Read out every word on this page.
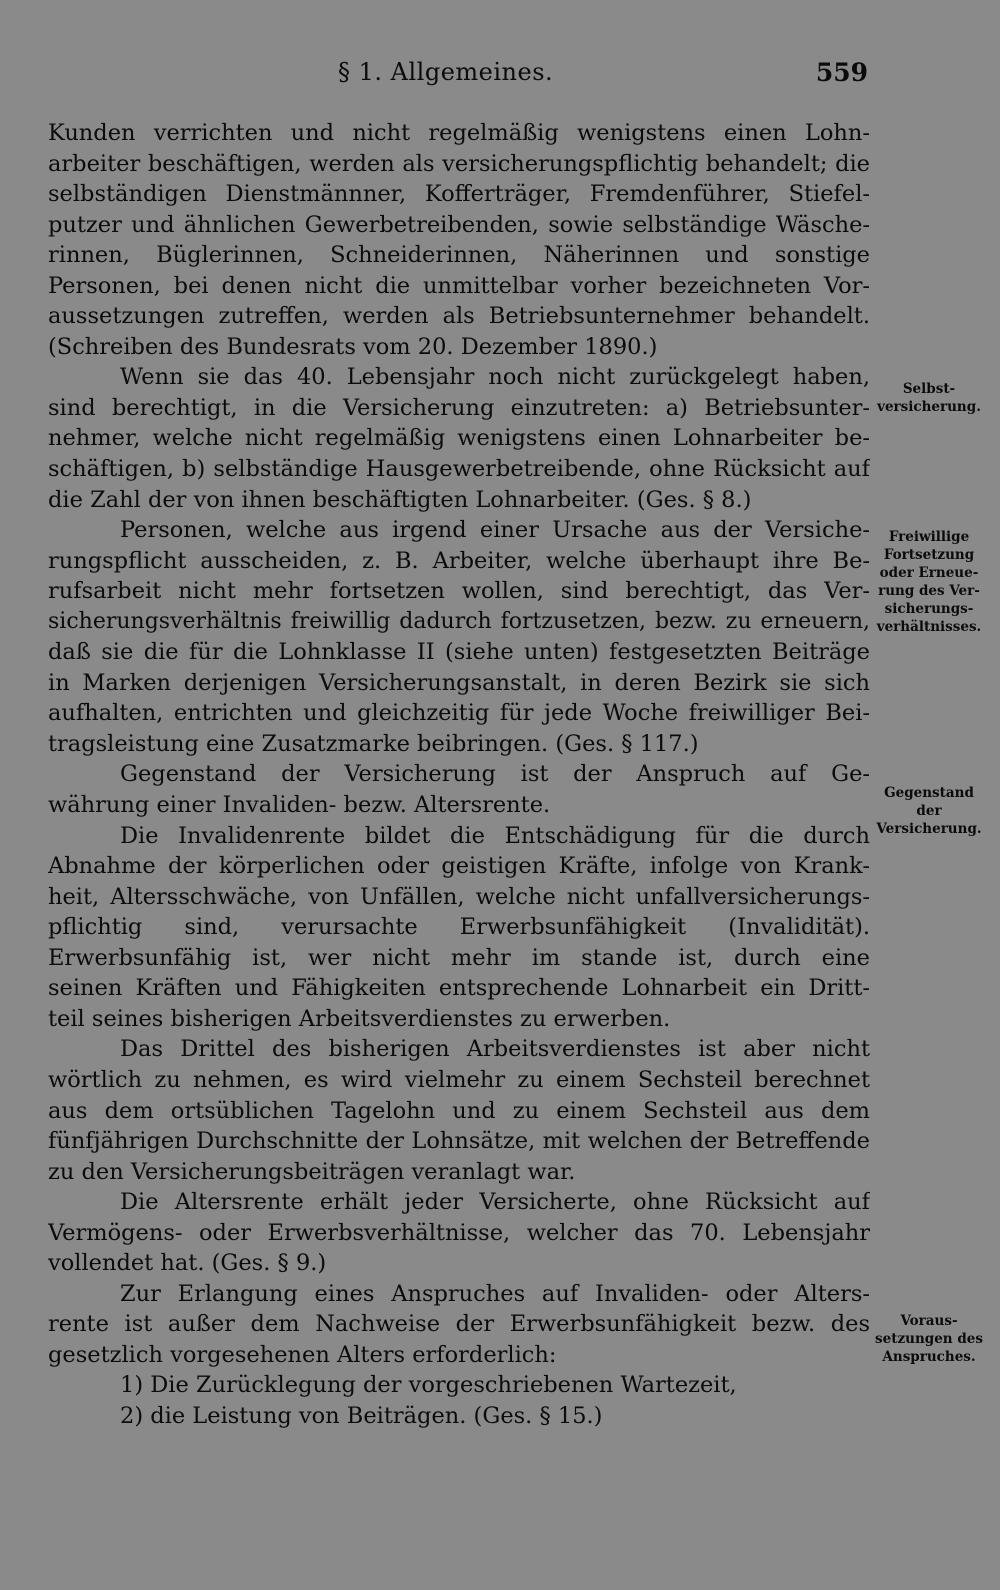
§ 1. Allgemeines.	559
Kunden verrichten und nicht regelmäßig wenigstens einen Lohn-
arbeiter beschäftigen, werden als versicherungspflichtig behandelt; die
selbständigen Dienstmännner, Kofferträger, Fremdenführer, Stiefel-
putzer und ähnlichen Gewerbetreibenden, sowie selbständige Wäsche-
rinnen, Büglerinnen, Schneiderinnen, Näherinnen und sonstige
Personen, bei denen nicht die unmittelbar vorher bezeichneten Vor-
aussetzungen zutreffen, werden als Betriebsunternehmer behandelt.
(Schreiben des Bundesrats vom 20. Dezember 1890.)
Wenn sie das 40. Lebensjahr noch nicht zurückgelegt haben,
sind berechtigt, in die Versicherung einzutreten: a) Betriebsunter-
nehmer, welche nicht regelmäßig wenigstens einen Lohnarbeiter be-
schäftigen, b) selbständige Hausgewerbetreibende, ohne Rücksicht auf
die Zahl der von ihnen beschäftigten Lohnarbeiter. (Ges. § 8.)
Personen, welche aus irgend einer Ursache aus der Versiche-
rungspflicht ausscheiden, z. B. Arbeiter, welche überhaupt ihre Be-
rufsarbeit nicht mehr fortsetzen wollen, sind berechtigt, das Ver-
sicherungsverhältnis freiwillig dadurch fortzusetzen, bezw. zu erneuern,
daß sie die für die Lohnklasse II (siehe unten) festgesetzten Beiträge
in Marken derjenigen Versicherungsanstalt, in deren Bezirk sie sich
aufhalten, entrichten und gleichzeitig für jede Woche freiwilliger Bei-
tragsleistung eine Zusatzmarke beibringen. (Ges. § 117.)
Gegenstand der Versicherung ist der Anspruch auf Ge-
währung einer Invaliden- bezw. Altersrente.
Die Invalidenrente bildet die Entschädigung für die durch
Abnahme der körperlichen oder geistigen Kräfte, infolge von Krank-
heit, Altersschwäche, von Unfällen, welche nicht unfallversicherungs-
pflichtig sind, verursachte Erwerbsunfähigkeit (Invalidität).
Erwerbsunfähig ist, wer nicht mehr im stande ist, durch eine
seinen Kräften und Fähigkeiten entsprechende Lohnarbeit ein Dritt-
teil seines bisherigen Arbeitsverdienstes zu erwerben.
Das Drittel des bisherigen Arbeitsverdienstes ist aber nicht
wörtlich zu nehmen, es wird vielmehr zu einem Sechsteil berechnet
aus dem ortsüblichen Tagelohn und zu einem Sechsteil aus dem
fünfjährigen Durchschnitte der Lohnsätze, mit welchen der Betreffende
zu den Versicherungsbeiträgen veranlagt war.
Die Altersrente erhält jeder Versicherte, ohne Rücksicht auf
Vermögens- oder Erwerbsverhältnisse, welcher das 70. Lebensjahr
vollendet hat. (Ges. § 9.)
Zur Erlangung eines Anspruches auf Invaliden- oder Alters-
rente ist außer dem Nachweise der Erwerbsunfähigkeit bezw. des
gesetzlich vorgesehenen Alters erforderlich:
1) Die Zurücklegung der vorgeschriebenen Wartezeit,
2) die Leistung von Beiträgen. (Ges. § 15.)
Selbst-
versicherung.
Freiwillige
Fortsetzung
oder Erneue-
rung des Ver-
sicherungs-
verhältnisses.
Gegenstand
der
Versicherung.
Voraus-
setzungen des
Anspruches.
